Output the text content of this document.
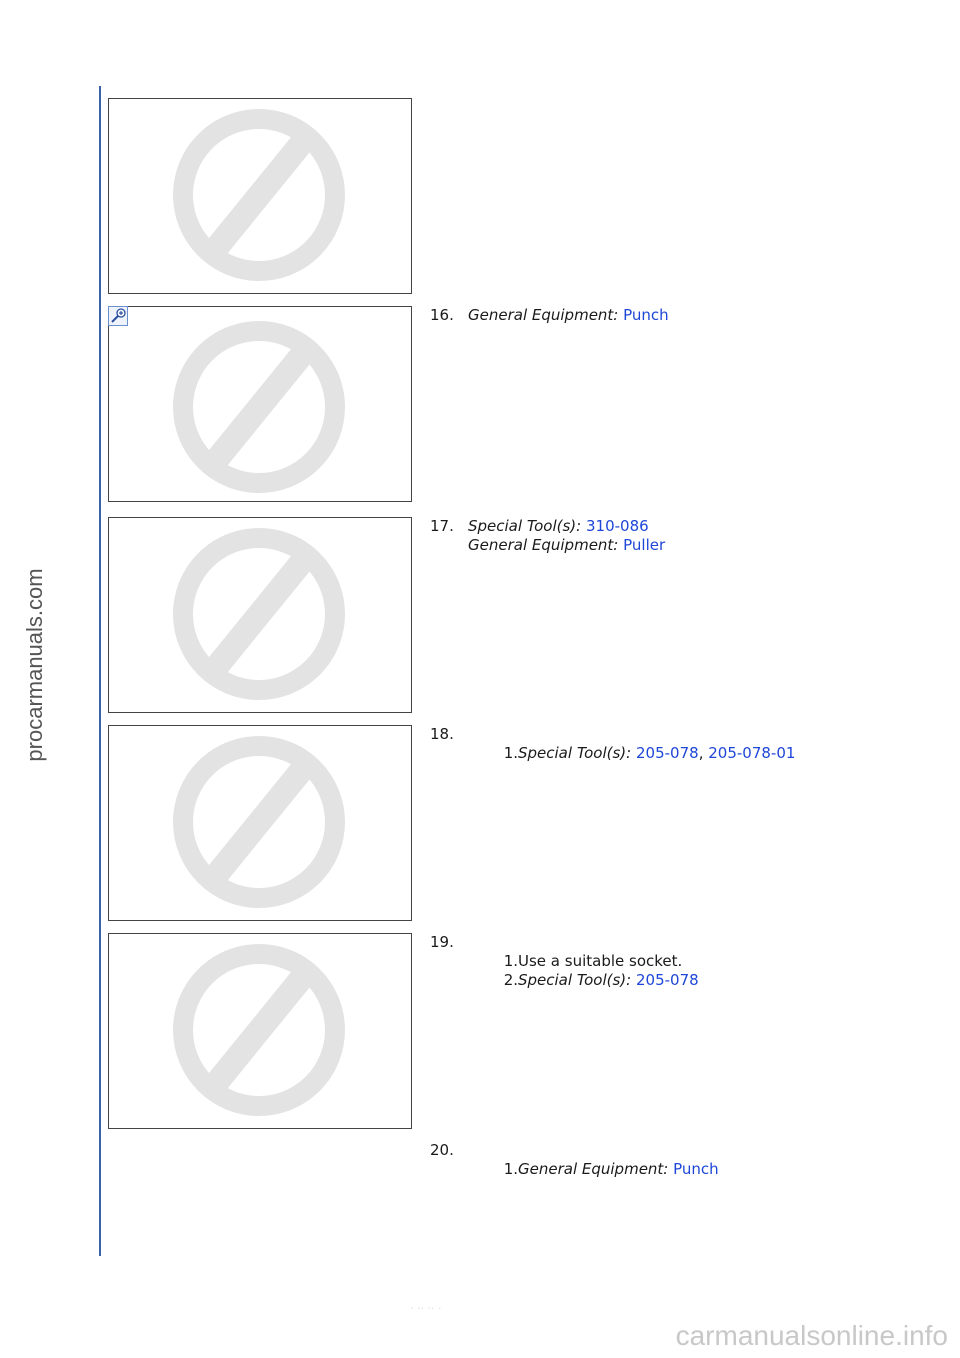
procarmanuals.com
16. General Equipment: Punch
17. Special Tool(s): 310-086
General Equipment: Puller
18.
1. Special Tool(s): 205-078, 205-078-01
19.
1. Use a suitable socket.
2. Special Tool(s): 205-078
20.
1. General Equipment: Punch
· ·· ·· ·
carmanualsonline.info
